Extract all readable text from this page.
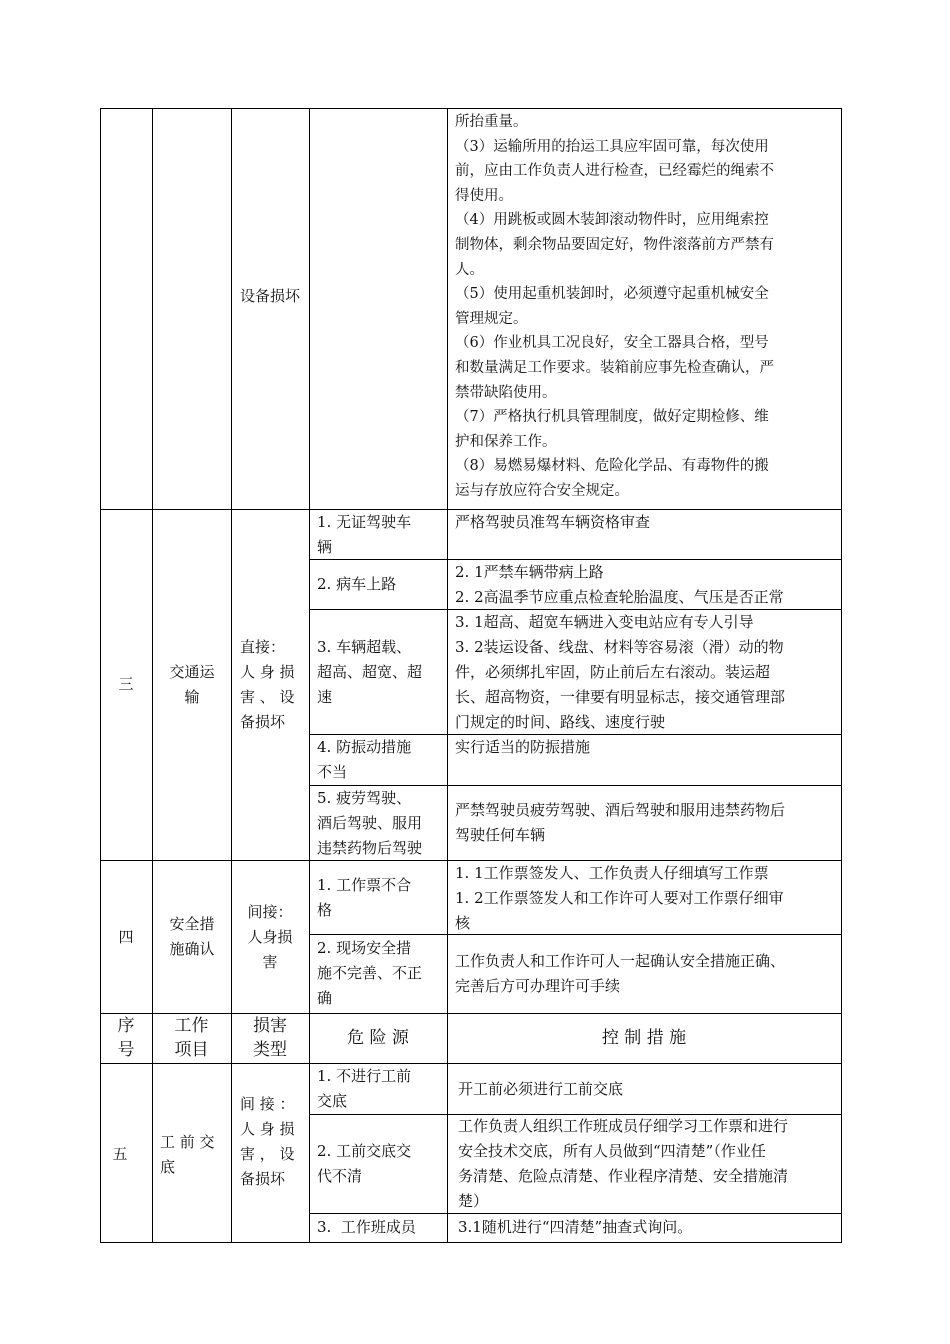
设备损坏
所抬重量。
（3）运输所用的抬运工具应牢固可靠，每次使用
前，应由工作负责人进行检查，已经霉烂的绳索不
得使用。
（4）用跳板或圆木装卸滚动物件时，应用绳索控
制物体，剩余物品要固定好，物件滚落前方严禁有
人。
（5）使用起重机装卸时，必须遵守起重机械安全
管理规定。
（6）作业机具工况良好，安全工器具合格，型号
和数量满足工作要求。装箱前应事先检查确认，严
禁带缺陷使用。
（7）严格执行机具管理制度，做好定期检修、维
护和保养工作。
（8）易燃易爆材料、危险化学品、有毒物件的搬
运与存放应符合安全规定。
三
交通运
输
直接：
人 身 损
害 、 设
备损坏
1. 无证驾驶车
辆
严格驾驶员准驾车辆资格审查
2. 病车上路
2. 1严禁车辆带病上路
2. 2高温季节应重点检查轮胎温度、气压是否正常
3. 车辆超载、
超高、超宽、超
速
3. 1超高、超宽车辆进入变电站应有专人引导
3. 2装运设备、线盘、材料等容易滚（滑）动的物
件，必须绑扎牢固，防止前后左右滚动。装运超
长、超高物资，一律要有明显标志，接交通管理部
门规定的时间、路线、速度行驶
4. 防振动措施
不当
实行适当的防振措施
5. 疲劳驾驶、
酒后驾驶、服用
违禁药物后驾驶
严禁驾驶员疲劳驾驶、酒后驾驶和服用违禁药物后
驾驶任何车辆
四
安全措
施确认
间接：
人身损
害
1. 工作票不合
格
1. 1工作票签发人、工作负责人仔细填写工作票
1. 2工作票签发人和工作许可人要对工作票仔细审
核
2. 现场安全措
施不完善、不正
确
工作负责人和工作许可人一起确认安全措施正确、
完善后方可办理许可手续
序
号
工作
项目
损害
类型
危 险 源	控 制 措 施
五
工 前 交
底
间 接 ：
人 身 损
害 ， 设
备损坏
1. 不进行工前
交底
开工前必须进行工前交底
2. 工前交底交
代不清
工作负责人组织工作班成员仔细学习工作票和进行
安全技术交底，所有人员做到“四清楚”（作业任
务清楚、危险点清楚、作业程序清楚、安全措施清
楚）
3.  工作班成员	3.1随机进行“四清楚”抽查式询问。
